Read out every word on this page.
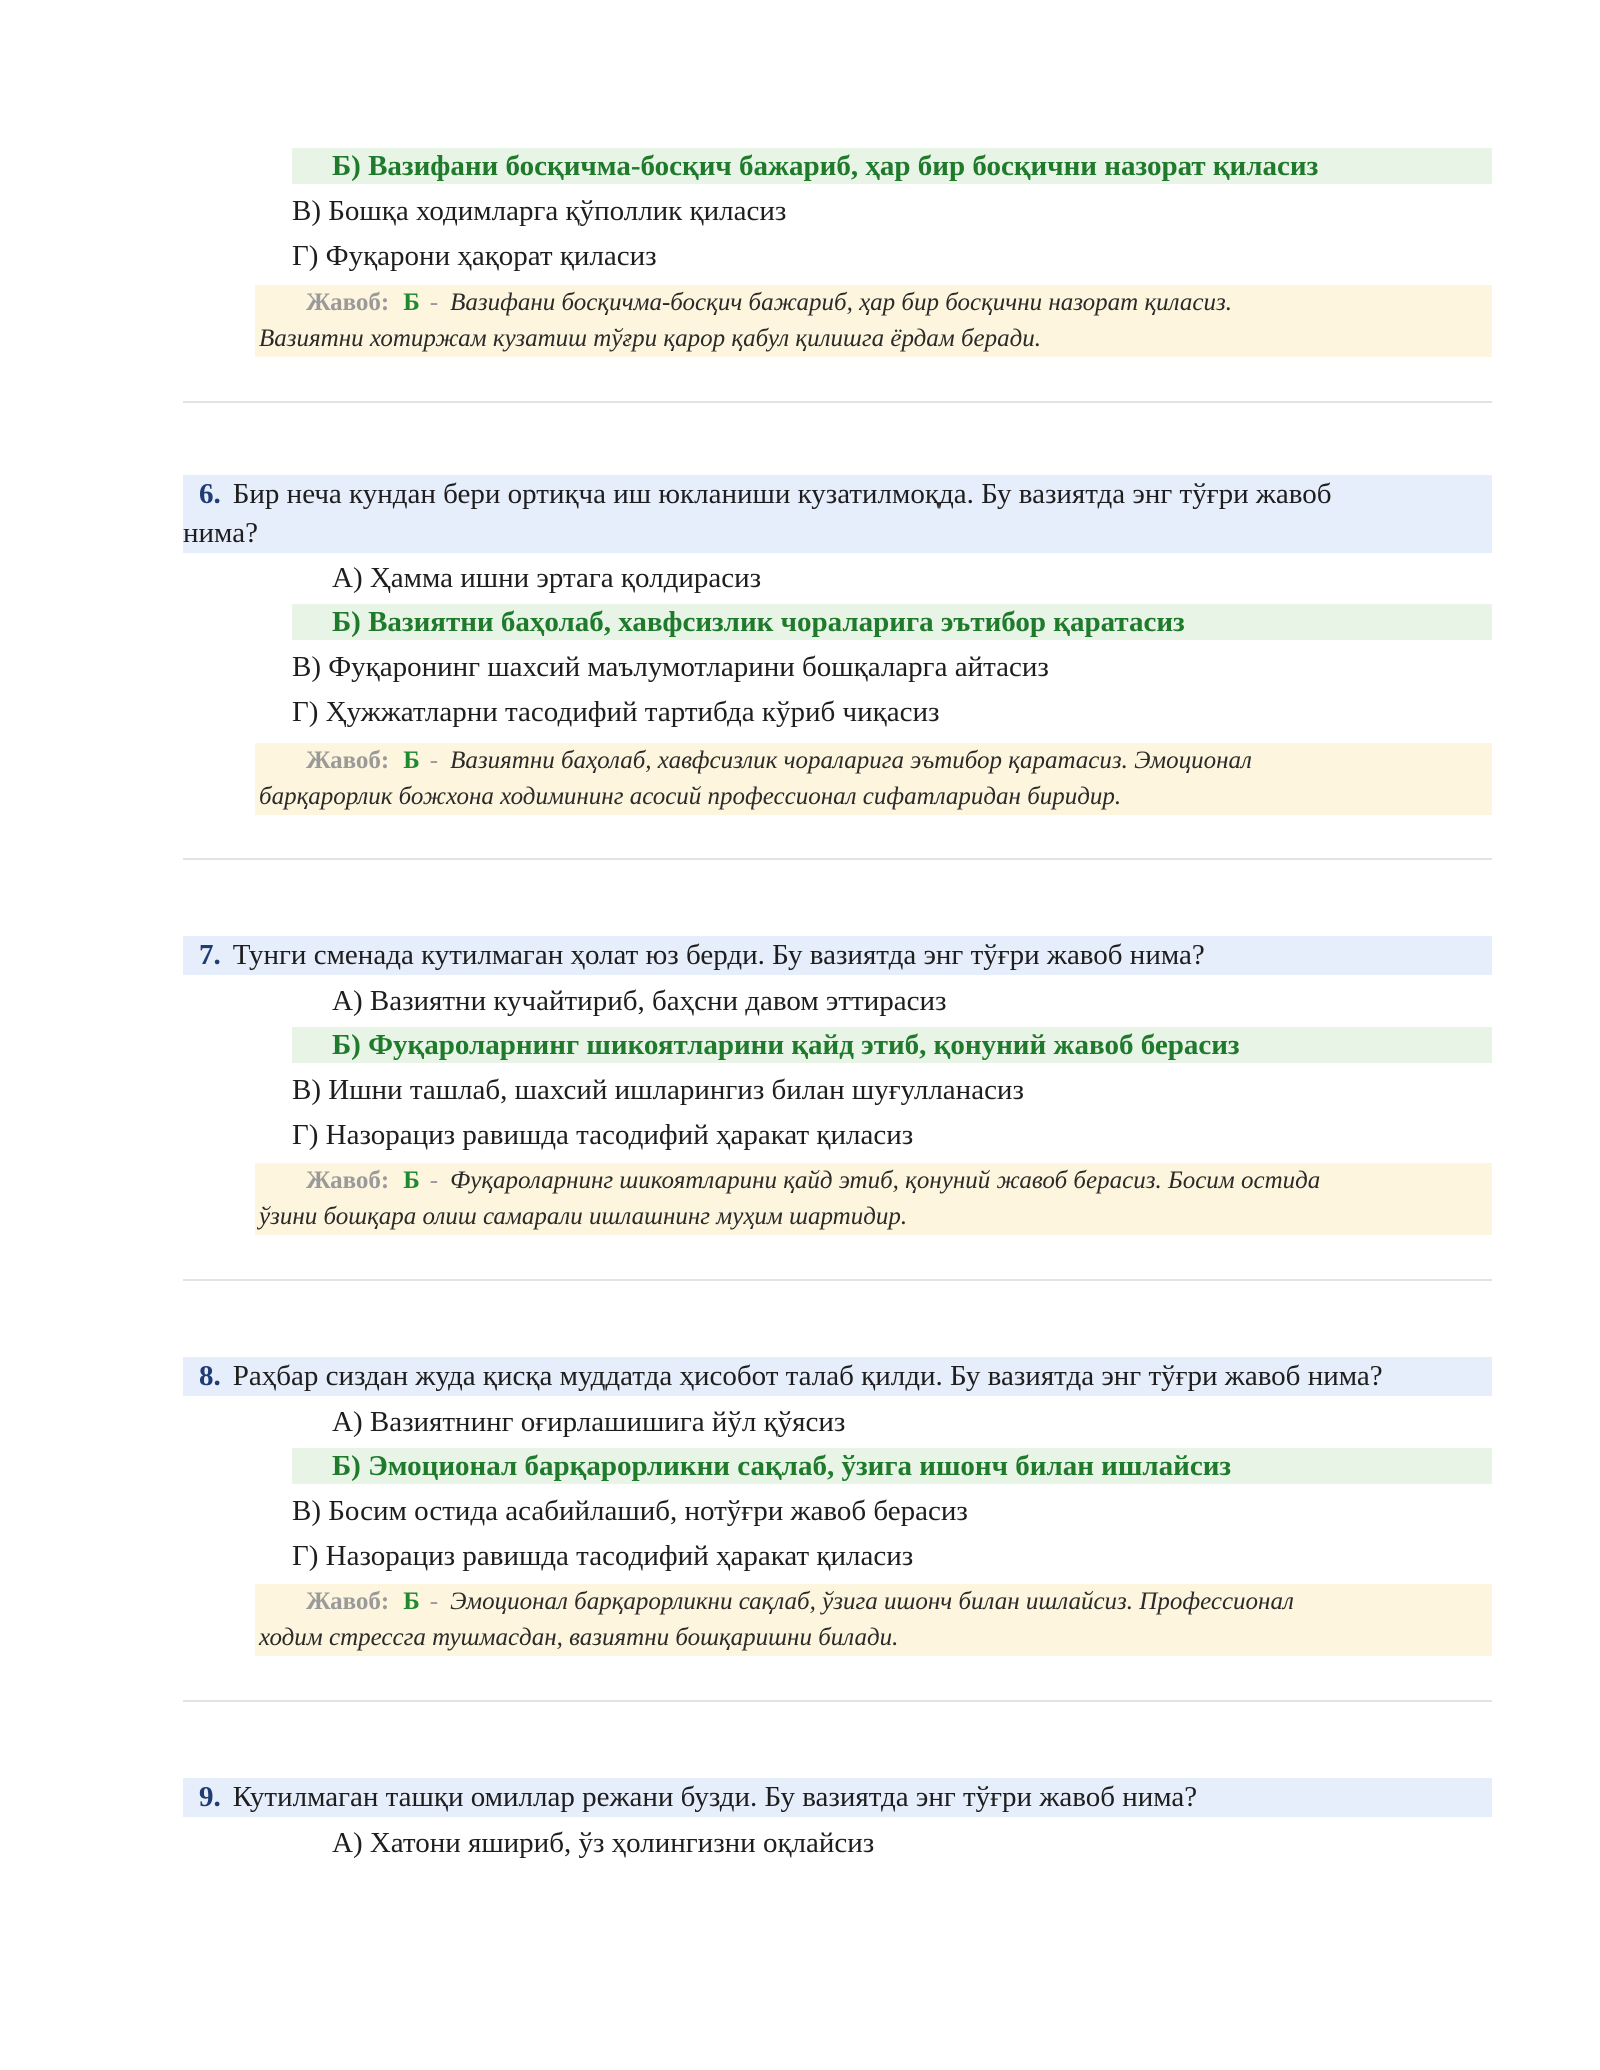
Б) Вазифани босқичма-босқич бажариб, ҳар бир босқични назорат қиласиз
В) Бошқа ходимларга қўполлик қиласиз
Г) Фуқарони ҳақорат қиласиз
Жавоб: Б - Вазифани босқичма-босқич бажариб, ҳар бир босқични назорат қиласиз.
Вазиятни хотиржам кузатиш тўғри қарор қабул қилишга ёрдам беради.
6. Бир неча кундан бери ортиқча иш юкланиши кузатилмоқда. Бу вазиятда энг тўғри жавоб
нима?
А) Ҳамма ишни эртага қолдирасиз
Б) Вазиятни баҳолаб, хавфсизлик чораларига эътибор қаратасиз
В) Фуқаронинг шахсий маълумотларини бошқаларга айтасиз
Г) Ҳужжатларни тасодифий тартибда кўриб чиқасиз
Жавоб: Б - Вазиятни баҳолаб, хавфсизлик чораларига эътибор қаратасиз. Эмоционал
барқарорлик божхона ходимининг асосий профессионал сифатларидан биридир.
7. Тунги сменада кутилмаган ҳолат юз берди. Бу вазиятда энг тўғри жавоб нима?
А) Вазиятни кучайтириб, баҳсни давом эттирасиз
Б) Фуқароларнинг шикоятларини қайд этиб, қонуний жавоб берасиз
В) Ишни ташлаб, шахсий ишларингиз билан шуғулланасиз
Г) Назорациз равишда тасодифий ҳаракат қиласиз
Жавоб: Б - Фуқароларнинг шикоятларини қайд этиб, қонуний жавоб берасиз. Босим остида
ўзини бошқара олиш самарали ишлашнинг муҳим шартидир.
8. Раҳбар сиздан жуда қисқа муддатда ҳисобот талаб қилди. Бу вазиятда энг тўғри жавоб нима?
А) Вазиятнинг оғирлашишига йўл қўясиз
Б) Эмоционал барқарорликни сақлаб, ўзига ишонч билан ишлайсиз
В) Босим остида асабийлашиб, нотўғри жавоб берасиз
Г) Назорациз равишда тасодифий ҳаракат қиласиз
Жавоб: Б - Эмоционал барқарорликни сақлаб, ўзига ишонч билан ишлайсиз. Профессионал
ходим стрессга тушмасдан, вазиятни бошқаришни билади.
9. Кутилмаган ташқи омиллар режани бузди. Бу вазиятда энг тўғри жавоб нима?
А) Хатони яшириб, ўз ҳолингизни оқлайсиз
